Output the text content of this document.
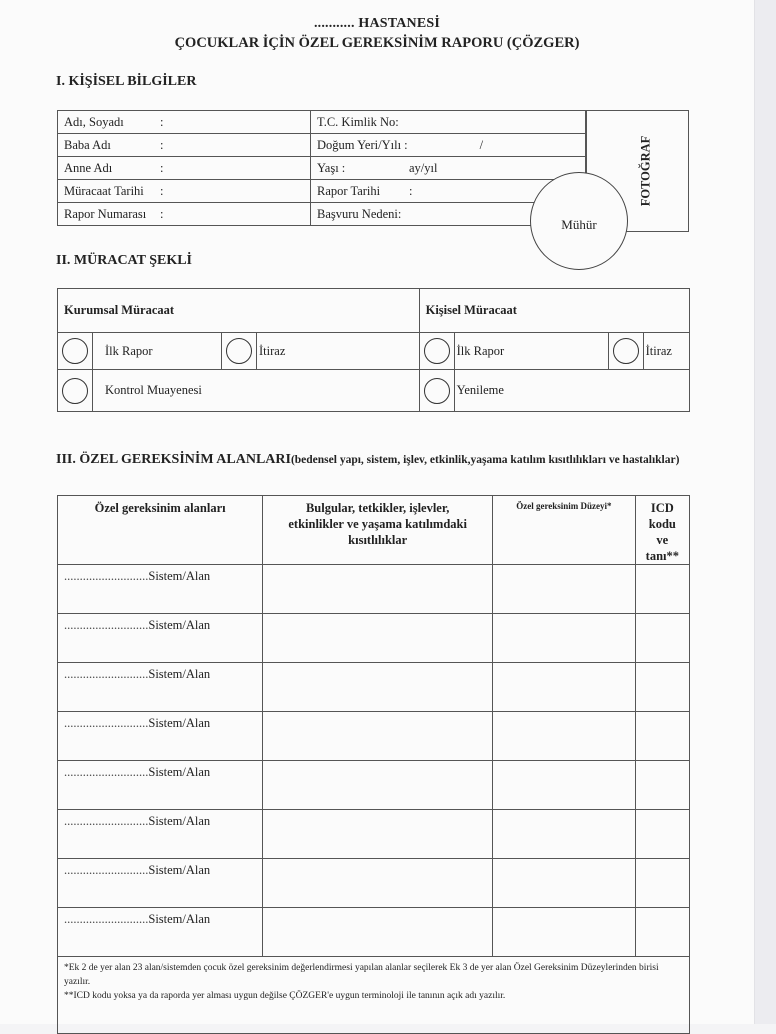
........... HASTANESİ
ÇOCUKLAR İÇİN ÖZEL GEREKSİNİM RAPORU (ÇÖZGER)
I. KİŞİSEL BİLGİLER
Adı, Soyadı :	T.C. Kimlik No:
Baba Adı :	Doğum Yeri/Yılı : /
Anne Adı :	Yaşı : ay/yıl
Müracaat Tarihi :	Rapor Tarihi :
Rapor Numarası :	Başvuru Nedeni:
FOTOĞRAF
Mühür
II. MÜRACAT ŞEKLİ
Kurumsal Müracaat				Kişisel Müracaat			
	İlk Rapor		İtiraz		İlk Rapor		İtiraz
	Kontrol Muayenesi				Yenileme		
III. ÖZEL GEREKSİNİM ALANLARI(bedensel yapı, sistem, işlev, etkinlik,yaşama katılım kısıtlılıkları ve hastalıklar)
Özel gereksinim alanları	Bulgular, tetkikler, işlevler, etkinlikler ve yaşama katılımdaki kısıtlılıklar	Özel gereksinim Düzeyi*	ICD kodu ve tanı**
...........................Sistem/Alan			
...........................Sistem/Alan			
...........................Sistem/Alan			
...........................Sistem/Alan			
...........................Sistem/Alan			
...........................Sistem/Alan			
...........................Sistem/Alan			
...........................Sistem/Alan			

*Ek 2 de yer alan 23 alan/sistemden çocuk özel gereksinim değerlendirmesi yapılan alanlar seçilerek Ek 3 de yer alan Özel Gereksinim Düzeylerinden birisi yazılır.
**ICD kodu yoksa ya da raporda yer alması uygun değilse ÇÖZGER'e uygun terminoloji ile tanının açık adı yazılır.			
